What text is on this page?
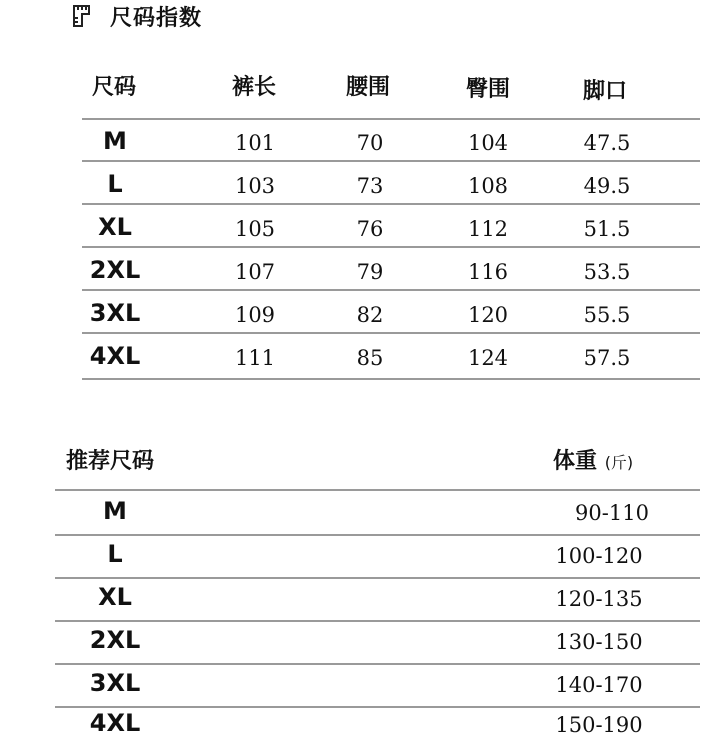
尺码指数
尺码	裤长	腰围	臀围	脚口
M	101	70	104	47.5
L	103	73	108	49.5
XL	105	76	112	51.5
2XL	107	79	116	53.5
3XL	109	82	120	55.5
4XL	111	85	124	57.5
推荐尺码	体重 (斤)
M	90-110
L	100-120
XL	120-135
2XL	130-150
3XL	140-170
4XL	150-190
